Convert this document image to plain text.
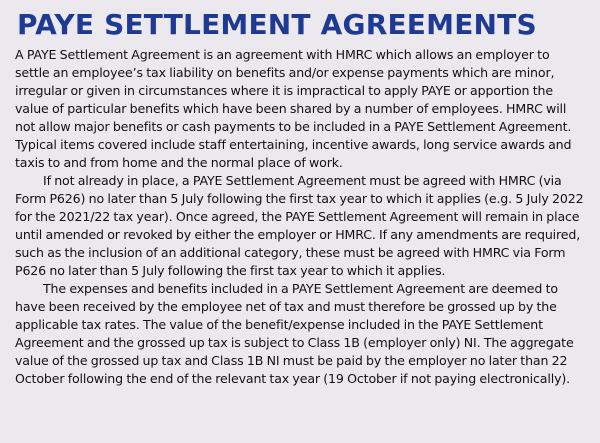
PAYE SETTLEMENT AGREEMENTS

A PAYE Settlement Agreement is an agreement with HMRC which allows an employer to settle an employee’s tax liability on benefits and/or expense payments which are minor, irregular or given in circumstances where it is impractical to apply PAYE or apportion the value of particular benefits which have been shared by a number of employees. HMRC will not allow major benefits or cash payments to be included in a PAYE Settlement Agreement. Typical items covered include staff entertaining, incentive awards, long service awards and taxis to and from home and the normal place of work.

If not already in place, a PAYE Settlement Agreement must be agreed with HMRC (via Form P626) no later than 5 July following the first tax year to which it applies (e.g. 5 July 2022 for the 2021/22 tax year). Once agreed, the PAYE Settlement Agreement will remain in place until amended or revoked by either the employer or HMRC. If any amendments are required, such as the inclusion of an additional category, these must be agreed with HMRC via Form P626 no later than 5 July following the first tax year to which it applies.

The expenses and benefits included in a PAYE Settlement Agreement are deemed to have been received by the employee net of tax and must therefore be grossed up by the applicable tax rates. The value of the benefit/expense included in the PAYE Settlement Agreement and the grossed up tax is subject to Class 1B (employer only) NI. The aggregate value of the grossed up tax and Class 1B NI must be paid by the employer no later than 22 October following the end of the relevant tax year (19 October if not paying electronically).
